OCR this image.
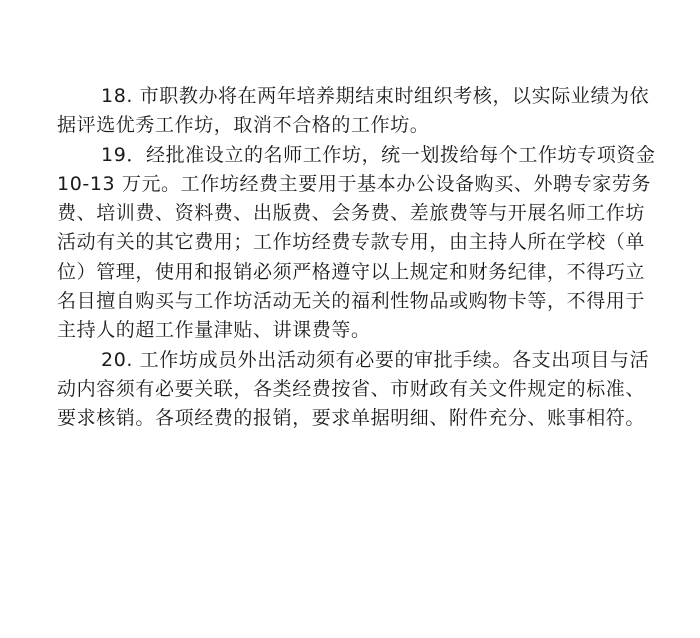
18. 市职教办将在两年培养期结束时组织考核，以实际业绩为依
据评选优秀工作坊，取消不合格的工作坊。
19．经批准设立的名师工作坊，统一划拨给每个工作坊专项资金
10-13 万元。工作坊经费主要用于基本办公设备购买、外聘专家劳务
费、培训费、资料费、出版费、会务费、差旅费等与开展名师工作坊
活动有关的其它费用；工作坊经费专款专用，由主持人所在学校（单
位）管理，使用和报销必须严格遵守以上规定和财务纪律，不得巧立
名目擅自购买与工作坊活动无关的福利性物品或购物卡等，不得用于
主持人的超工作量津贴、讲课费等。
20. 工作坊成员外出活动须有必要的审批手续。各支出项目与活
动内容须有必要关联，各类经费按省、市财政有关文件规定的标准、
要求核销。各项经费的报销，要求单据明细、附件充分、账事相符。
